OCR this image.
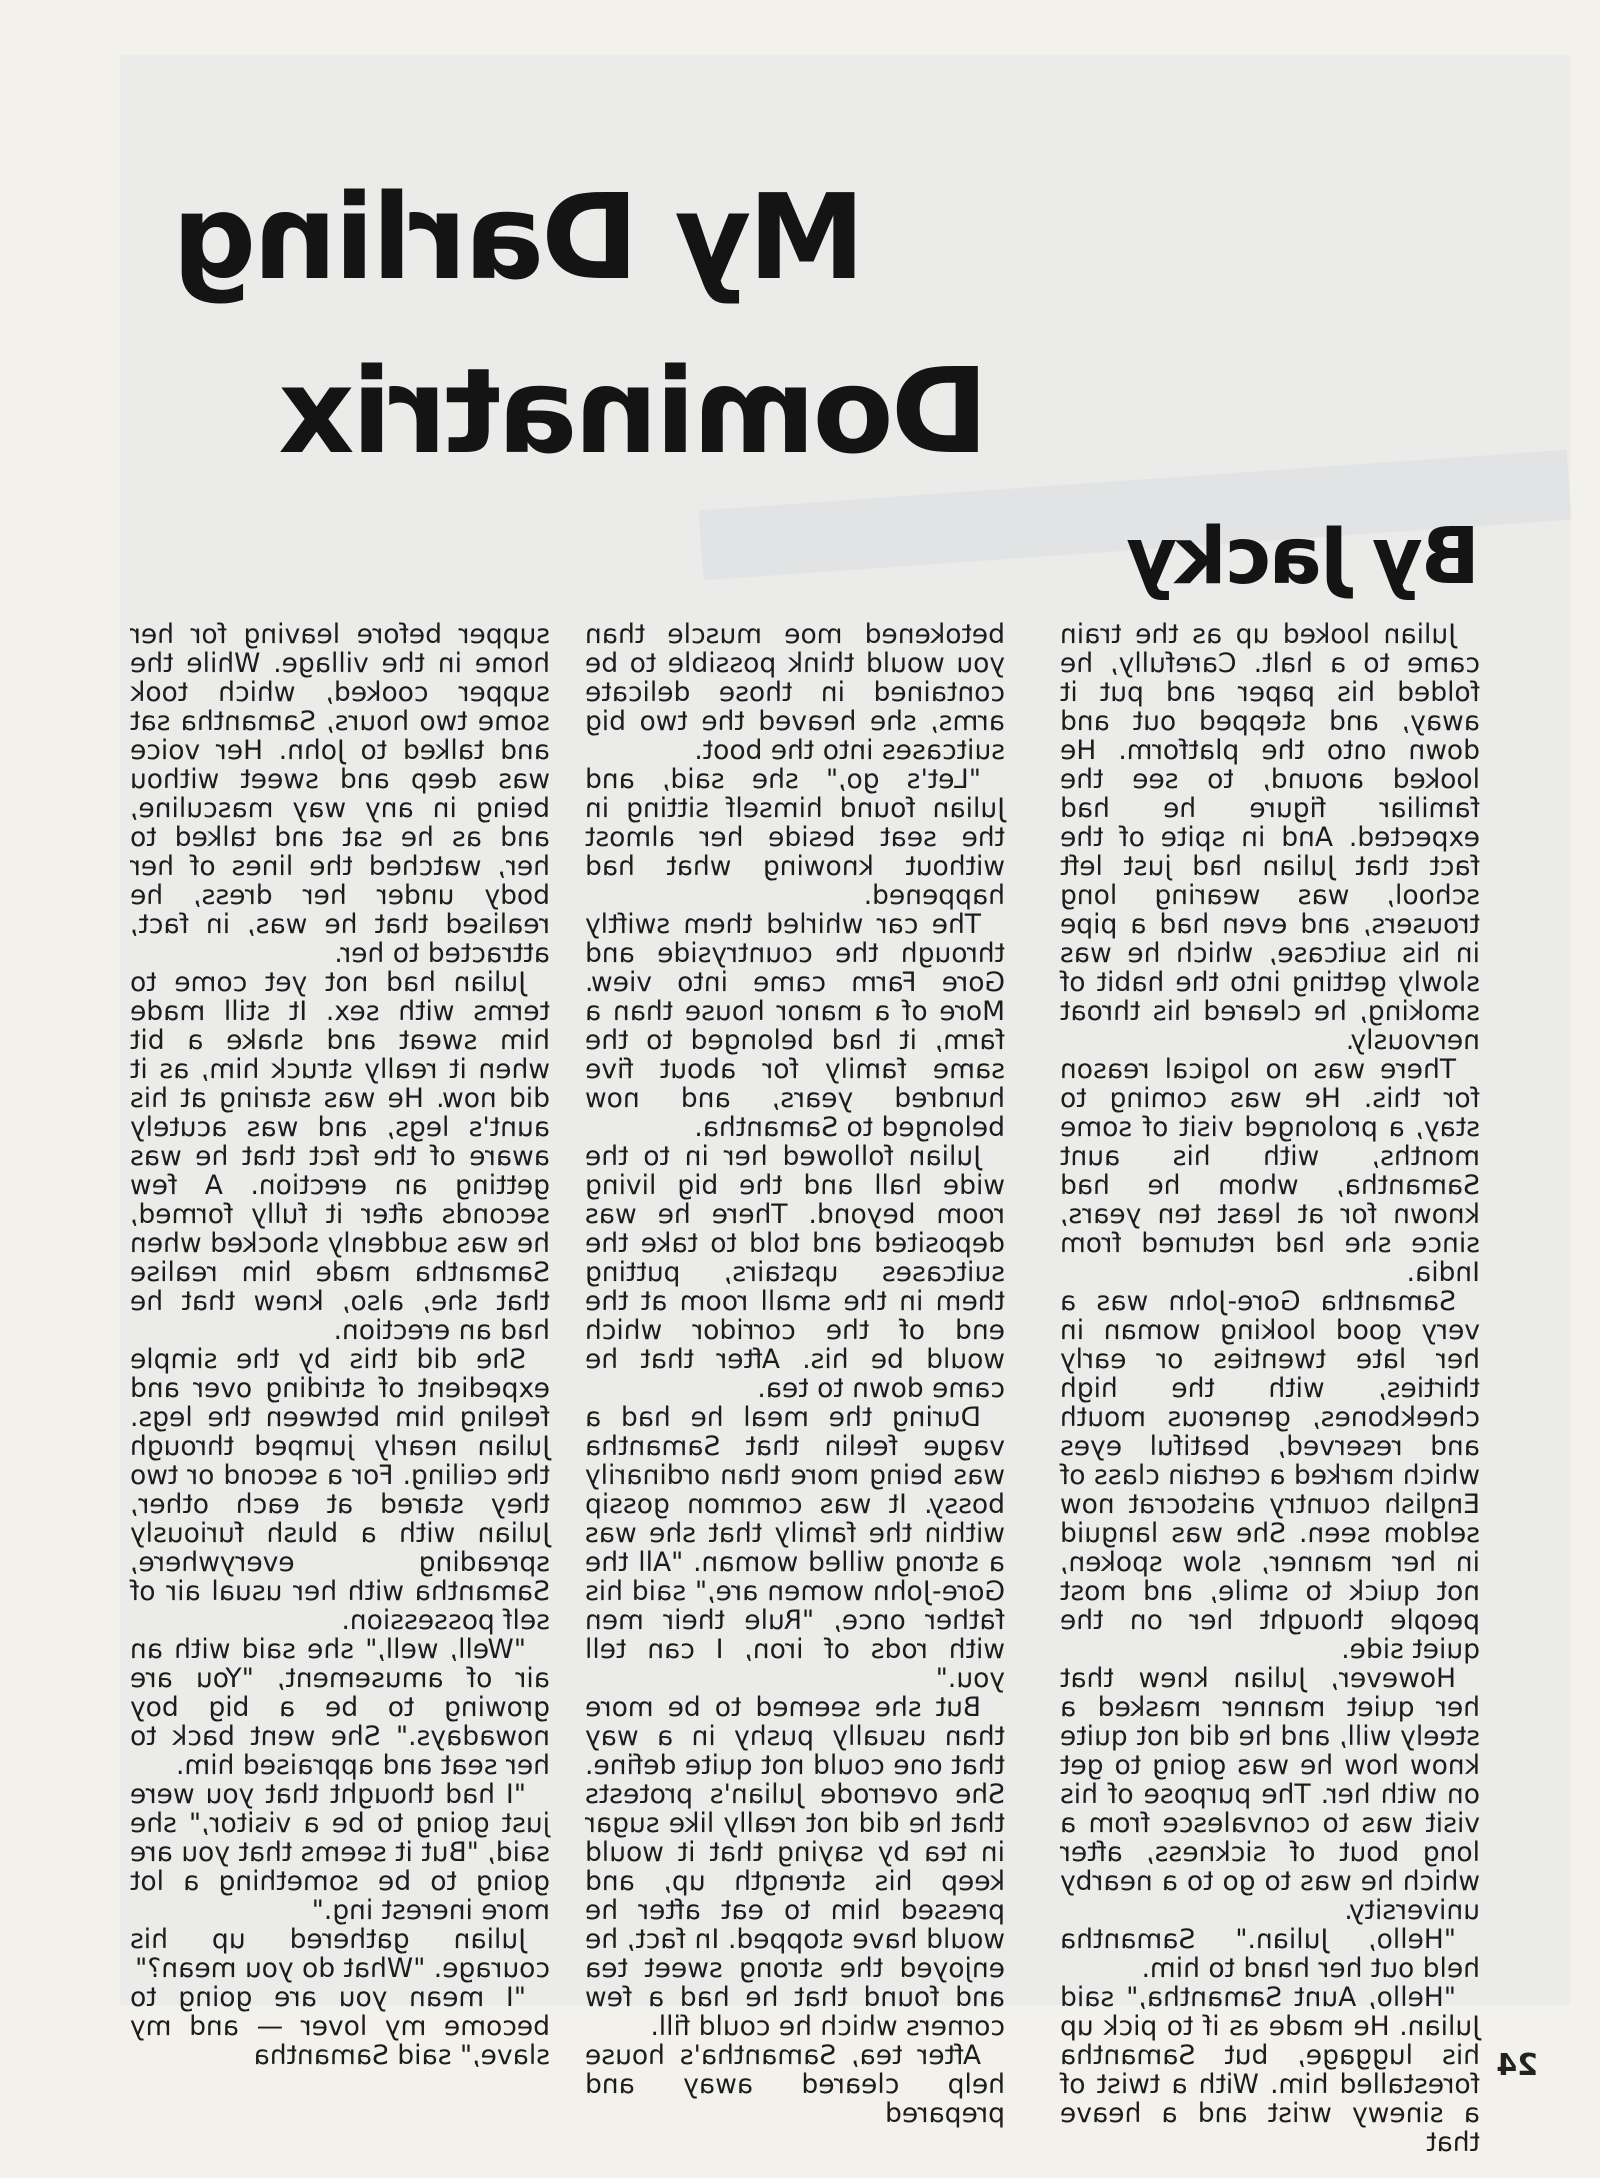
My Darling
Dominatrix
By Jacky

Julian looked up as the train came to a halt. Carefully, he folded his paper and put it away, and stepped out and down onto the platform. He looked around, to see the familiar figure he had expected. And in spite of the fact that Julian had just left school, was wearing long trousers, and even had a pipe in his suitcase, which he was slowly getting into the habit of smoking, he cleared his throat nervously.

There was no logical reason for this. He was coming to stay, a prolonged visit of some months, with his aunt Samantha, whom he had known for at least ten years, since she had returned from India.

Samantha Gore-John was a very good looking woman in her late twenties or early thirties, with the high cheekbones, generous mouth and reserved, beatiful eyes which marked a certain class of English country aristocrat now seldom seen. She was languid in her manner, slow spoken, not quick to smile, and most people thought her on the quiet side.

However, Julian knew that her quiet manner masked a steely will, and he did not quite know how he was going to get on with her. The purpose of his visit was to convalesce from a long bout of sickness, after which he was to go to a nearby university.

"Hello, Julian." Samantha held out her hand to him.

"Hello, Aunt Samantha," said Julian. He made as if to pick up his luggage, but Samantha forestalled him. With a twist of a sinewy wrist and a heave that

betokened moe muscle than you would think possible to be contained in those delicate arms, she heaved the two big suitcases into the boot.

"Let's go," she said, and Julian found himself sitting in the seat beside her almost without knowing what had happened.

The car whirled them swiftly through the countryside and Gore Farm came into view. More of a manor house than a farm, it had belonged to the same family for about five hundred years, and now belonged to Samantha.

Julian followed her in to the wide hall and the big living room beyond. There he was deposited and told to take the suitcases upstairs, putting them in the small room at the end of the corridor which would be his. After that he came down to tea.

During the meal he had a vague feelin that Samantha was being more than ordinarily bossy. It was common gossip within the family that she was a strong willed woman. "All the Gore-John women are," said his father once, "Rule their men with rods of iron, I can tell you."

But she seemed to be more than usually pushy in a way that one could not quite define. She overrode Julian's protests that he did not really like sugar in tea by saying that it would keep his strength up, and pressed him to eat after he would have stopped. In fact, he enjoyed the strong sweet tea and found that he had a few corners which he could fill.

After tea, Samantha's house help cleared away and prepared

supper before leaving for her home in the village. While the supper cooked, which took some two hours, Samantha sat and talked to John. Her voice was deep and sweet withou being in any way masculine, and as he sat and talked to her, watched the lines of her body under her dress, he realised that he was, in fact, attracted to her.

Julian had not yet come to terms with sex. It still made him sweat and shake a bit when it really struck him, as it did now. He was staring at his aunt's legs, and was acutely aware of the fact that he was getting an erection. A few seconds after it fully formed, he was suddenly shocked when Samantha made him realise that she, also, knew that he had an erection.

She did this by the simple expedient of striding over and feeling him between the legs. Julian nearly jumped through the ceiling. For a second or two they stared at each other, Julian with a blush furiously spreading everywhere, Samantha with her usual air of self possession.

"Well, well," she said with an air of amusement, "You are growing to be a big boy nowadays." She went back to her seat and appraised him.

"I had thought that you were just going to be a visitor," she said, "But it seems that you are going to be something a lot more inerest ing."

Julian gathered up his courage. "What do you mean?"

"I mean you are going to become my lover — and my slave," said Samantha	24
